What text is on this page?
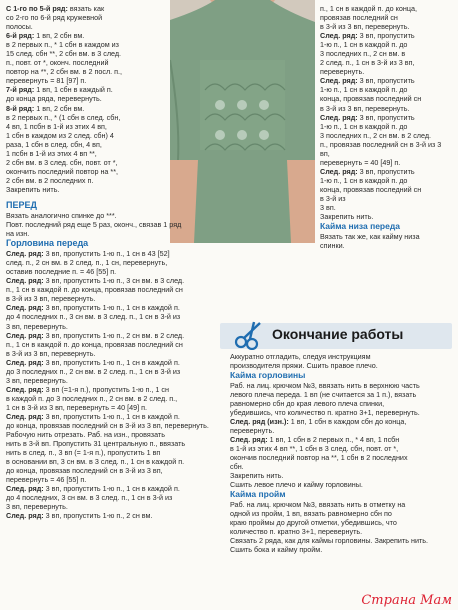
С 1-го по 5-й ряд: вязать как
со 2-го по 6-й ряд кружевной
полосы.
6-й ряд: 1 вп, 2 сбн вм.
в 2 первых п., * 1 сбн в каждом из
15 след. сбн **, 2 сбн вм. в 3 след.
п., повт. от *, оконч. последний
повтор на **, 2 сбн вм. в 2 посл. п.,
перевернуть = 81 [97] п.
7-й ряд: 1 вп, 1 сбн в каждый п.
до конца ряда, перевернуть.
8-й ряд: 1 вп, 2 сбн вм.
в 2 первых п., * (1 сбн в след. сбн,
4 вп, 1 псбн в 1-й из этих 4 вп,
1 сбн в каждом из 2 след. сбн) 4
раза, 1 сбн в след. сбн, 4 вп,
1 псбн в 1-й из этих 4 вп **,
2 сбн вм. в 3 след. сбн, повт. от *,
окончить последний повтор на **,
2 сбн вм. в 2 последних п.
Закрепить нить.
ПЕРЕД
Вязать аналогично спинке до ***.
Повт. последний ряд еще 5 раз, оконч., связав 1 ряд
на изн.
Горловина переда
След. ряд: 3 вп, пропустить 1-ю п., 1 сн в 43 [52]
след. п., 2 сн вм. в 2 след. п., 1 сн, перевернуть,
оставив последние п. = 46 [55] п.
След. ряд: 3 вп, пропустить 1-ю п., 3 сн вм. в 3 след.
п., 1 сн в каждой п. до конца, провязав последний сн
в 3-й из 3 вп, перевернуть.
След. ряд: 3 вп, пропустить 1-ю п., 1 сн в каждой п.
до 4 последних п., 3 сн вм. в 3 след. п., 1 сн в 3-й из
3 вп, перевернуть.
След. ряд: 3 вп, пропустить 1-ю п., 2 сн вм. в 2 след.
п., 1 сн в каждой п. до конца, провязав последний сн
в 3-й из 3 вп, перевернуть.
След. ряд: 3 вп, пропустить 1-ю п., 1 сн в каждой п.
до 3 последних п., 2 сн вм. в 2 след. п., 1 сн в 3-й из
3 вп, перевернуть.
След. ряд: 3 вп (=1-я п.), пропустить 1-ю п., 1 сн
в каждой п. до 3 последних п., 2 сн вм. в 2 след. п.,
1 сн в 3-й из 3 вп, перевернуть = 40 [49] п.
След. ряд: 3 вп, пропустить 1-ю п., 1 сн в каждой п.
до конца, провязав последний сн в 3-й из 3 вп, перевернуть.
Рабочую нить отрезать. Раб. на изн., провязать
нить в 3-й вп. Пропустить 31 центральную п., ввязать
нить в след. п., 3 вп (= 1-я п.), пропустить 1 вп
в основании вп, 3 сн вм. в 3 след. п., 1 сн в каждой п.
до конца, провязав последний сн в 3-й из 3 вп,
перевернуть = 46 [55] п.
След. ряд: 3 вп, пропустить 1-ю п., 1 сн в каждой п.
до 4 последних, 3 сн вм. в 3 след. п., 1 сн в 3-й из
3 вп, перевернуть.
След. ряд: 3 вп, пропустить 1-ю п., 2 сн вм.
п., 1 сн в каждой п. до конца,
провязав последний сн
в 3-й из 3 вп, перевернуть.
След. ряд: 3 вп, пропустить
1-ю п., 1 сн в каждой п. до
3 последних п., 2 сн вм. в
2 след. п., 1 сн в 3-й из 3 вп,
перевернуть.
След. ряд: 3 вп, пропустить
1-ю п., 1 сн в каждой п. до
конца, провязав последний сн
в 3-й из 3 вп, перевернуть.
След. ряд: 3 вп, пропустить
1-ю п., 1 сн в каждой п. до
3 последних п., 2 сн вм. в 2 след.
п., провязав последний сн в 3-й из 3 вп,
перевернуть = 40 [49] п.
След. ряд: 3 вп, пропустить
1-ю п., 1 сн в каждой п. до
конца, провязав последний сн
в 3-й из
3 вп.
Закрепить нить.
Кайма низа переда
Вязать так же, как кайму низа
спинки.
Окончание работы
Аккуратно отгладить, следуя инструкциям
производителя пряжи. Сшить правое плечо.
Кайма горловины
Раб. на лиц. крючком №3, ввязать нить в верхнюю часть
левого плеча переда. 1 вп (не считается за 1 п.), вязать
равномерно сбн до края левого плеча спинки,
убедившись, что количество п. кратно 3+1, перевернуть.
След. ряд (изн.): 1 вп, 1 сбн в каждом сбн до конца,
перевернуть.
След. ряд: 1 вп, 1 сбн в 2 первых п., * 4 вп, 1 псбн
в 1-й из этих 4 вп **, 1 сбн в 3 след. сбн, повт. от *,
окончив последний повтор на **, 1 сбн в 2 последних
сбн.
Закрепить нить.
Сшить левое плечо и кайму горловины.
Кайма пройм
Раб. на лиц. крючком №3, ввязать нить в отметку на
одной из пройм, 1 вп, вязать равномерно сбн по
краю проймы до другой отметки, убедившись, что
количество п. кратно 3+1, перевернуть.
Связать 2 ряда, как для каймы горловины. Закрепить нить.
Сшить бока и кайму пройм.
Страна Мам
